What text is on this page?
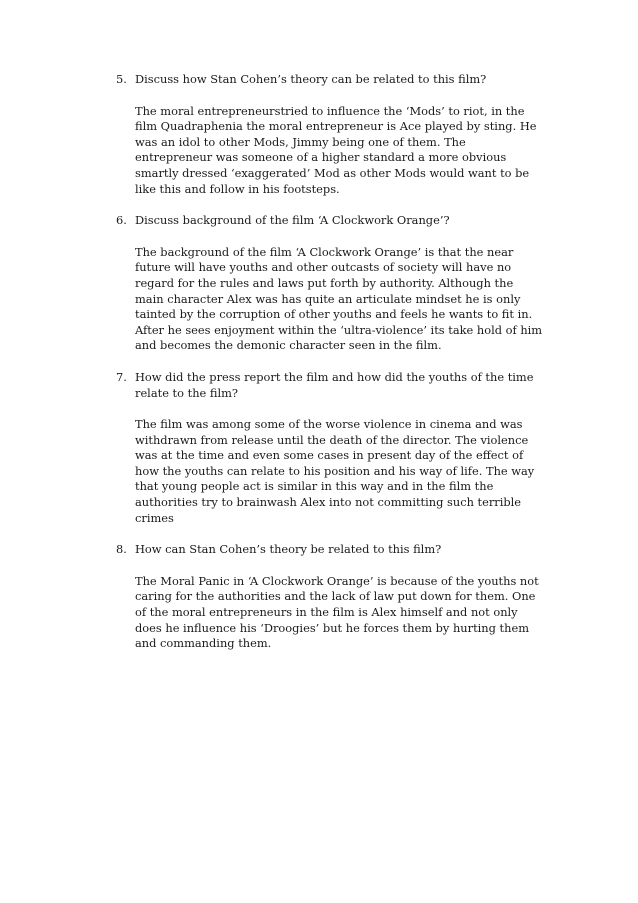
5. Discuss how Stan Cohen’s theory can be related to this film?

The moral entrepreneurstried to influence the ‘Mods’ to riot, in the film Quadraphenia the moral entrepreneur is Ace played by sting. He was an idol to other Mods, Jimmy being one of them. The entrepreneur was someone of a higher standard a more obvious smartly dressed ‘exaggerated’ Mod as other Mods would want to be like this and follow in his footsteps.

6. Discuss background of the film ‘A Clockwork Orange’?

The background of the film ‘A Clockwork Orange’ is that the near future will have youths and other outcasts of society will have no regard for the rules and laws put forth by authority. Although the main character Alex was has quite an articulate mindset he is only tainted by the corruption of other youths and feels he wants to fit in. After he sees enjoyment within the ‘ultra-violence’ its take hold of him and becomes the demonic character seen in the film.

7. How did the press report the film and how did the youths of the time relate to the film?

The film was among some of the worse violence in cinema and was withdrawn from release until the death of the director. The violence was at the time and even some cases in present day of the effect of how the youths can relate to his position and his way of life. The way that young people act is similar in this way and in the film the authorities try to brainwash Alex into not committing such terrible crimes

8. How can Stan Cohen’s theory be related to this film?

The Moral Panic in ‘A Clockwork Orange’ is because of the youths not caring for the authorities and the lack of law put down for them. One of the moral entrepreneurs in the film is Alex himself and not only does he influence his ‘Droogies’ but he forces them by hurting them and commanding them.
